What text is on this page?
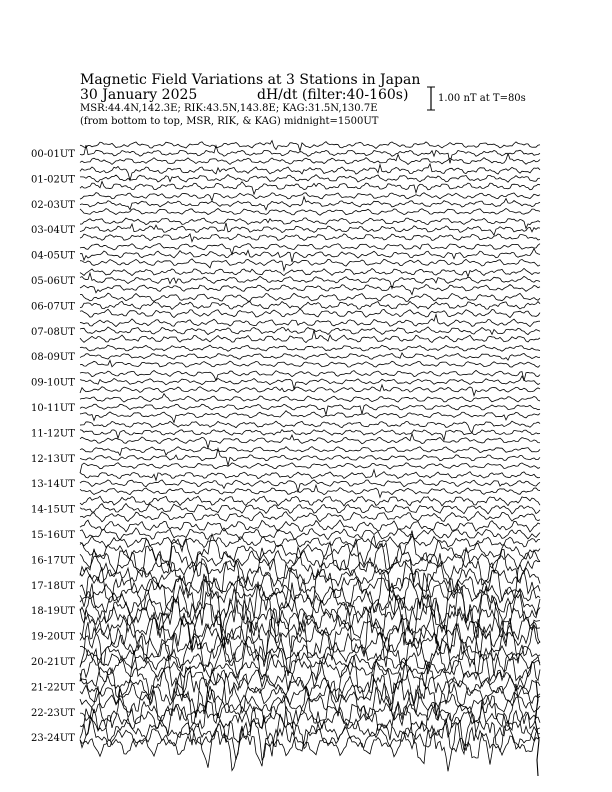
Magnetic Field Variations at 3 Stations in Japan
30 January 2025	dH/dt (filter:40-160s)
MSR:44.4N,142.3E; RIK:43.5N,143.8E; KAG:31.5N,130.7E
(from bottom to top, MSR, RIK, & KAG) midnight=1500UT
1.00 nT at T=80s
00-01UT
01-02UT
02-03UT
03-04UT
04-05UT
05-06UT
06-07UT
07-08UT
08-09UT
09-10UT
10-11UT
11-12UT
12-13UT
13-14UT
14-15UT
15-16UT
16-17UT
17-18UT
18-19UT
19-20UT
20-21UT
21-22UT
22-23UT
23-24UT
